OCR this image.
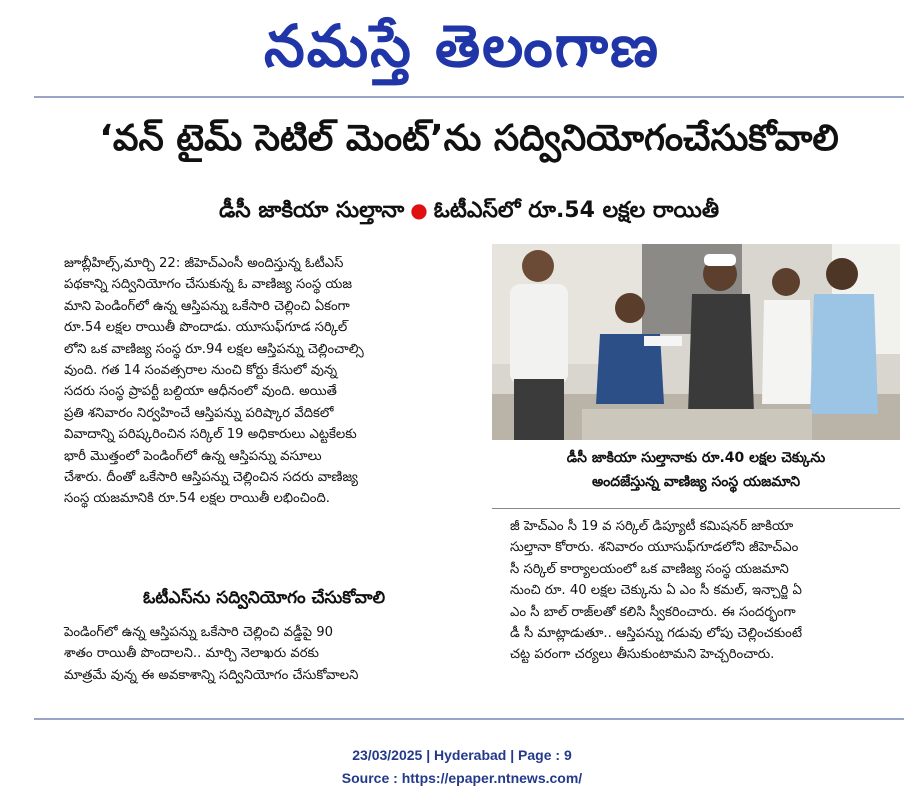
నమస్తే తెలంగాణ
‘వన్ టైమ్ సెటిల్ మెంట్’ను సద్వినియోగంచేసుకోవాలి
డీసీ జాకియా సుల్తానా ● ఓటీఎస్‌లో రూ.54 లక్షల రాయితీ
జూబ్లీహిల్స్,మార్చి 22: జీహెచ్ఎంసీ అందిస్తున్న ఓటీఎస్
పథకాన్ని సద్వినియోగం చేసుకున్న ఓ వాణిజ్య సంస్థ యజ
మాని పెండింగ్‌లో ఉన్న ఆస్తిపన్ను ఒకేసారి చెల్లించి ఏకంగా
రూ.54 లక్షల రాయితీ పొందాడు. యూసుఫ్‌గూడ సర్కిల్
లోని ఒక వాణిజ్య సంస్థ రూ.94 లక్షల ఆస్తిపన్ను చెల్లించాల్సి
వుంది. గత 14 సంవత్సరాల నుంచి కోర్టు కేసులో వున్న
సదరు సంస్థ ప్రాపర్టీ బల్దియా ఆధీనంలో వుంది. అయితే
ప్రతి శనివారం నిర్వహించే ఆస్తిపన్ను పరిష్కార వేదికలో
వివాదాన్ని పరిష్కరించిన సర్కిల్ 19 అధికారులు ఎట్టకేలకు
భారీ మొత్తంలో పెండింగ్‌లో ఉన్న ఆస్తిపన్ను వసూలు
చేశారు. దీంతో ఒకేసారి ఆస్తిపన్ను చెల్లించిన సదరు వాణిజ్య
సంస్థ యజమానికి రూ.54 లక్షల రాయితీ లభించింది.
ఓటీఎస్‌ను సద్వినియోగం చేసుకోవాలి
పెండింగ్‌లో ఉన్న ఆస్తిపన్ను ఒకేసారి చెల్లించి వడ్డీపై 90
శాతం రాయితీ పొందాలని.. మార్చి నెలాఖరు వరకు
మాత్రమే వున్న ఈ అవకాశాన్ని సద్వినియోగం చేసుకోవాలని
డీసీ జాకియా సుల్తానాకు రూ.40 లక్షల చెక్కును
అందజేస్తున్న వాణిజ్య సంస్థ యజమాని
జీ హెచ్ఎం సీ 19 వ సర్కిల్ డిప్యూటీ కమిషనర్ జాకియా
సుల్తానా కోరారు. శనివారం యూసుఫ్‌గూడలోని జీహెచ్ఎం
సీ సర్కిల్ కార్యాలయంలో ఒక వాణిజ్య సంస్థ యజమాని
నుంచి రూ. 40 లక్షల చెక్కును ఏ ఎం సీ కమల్, ఇన్చార్జి ఏ
ఎం సీ బాల్ రాజ్‌లతో కలిసి స్వీకరించారు. ఈ సందర్భంగా
డీ సీ మాట్లాడుతూ.. ఆస్తిపన్ను గడువు లోపు చెల్లించకుంటే
చట్ట పరంగా చర్యలు తీసుకుంటామని హెచ్చరించారు.
23/03/2025 | Hyderabad | Page : 9
Source : https://epaper.ntnews.com/
